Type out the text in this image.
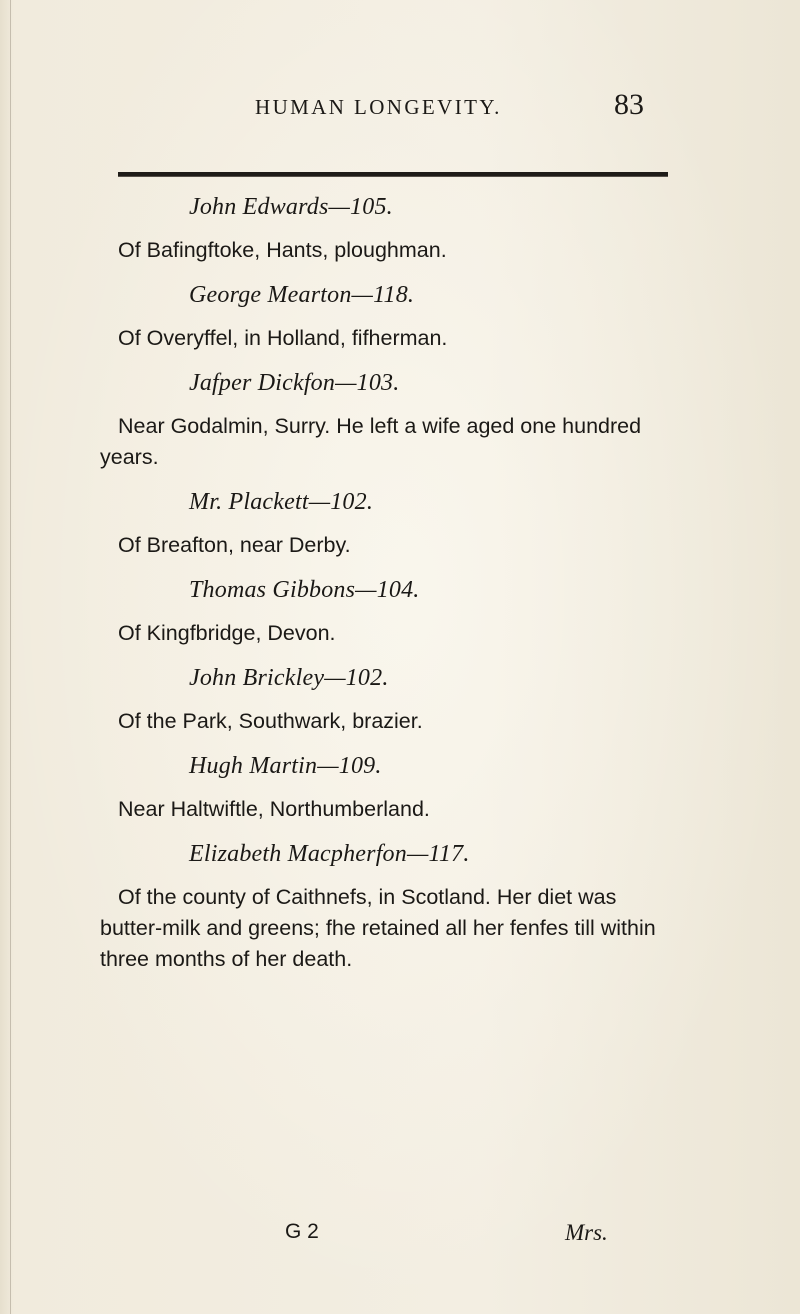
HUMAN LONGEVITY.	83
John Edwards—105.

Of Bafingftoke, Hants, ploughman.

George Mearton—118.

Of Overyffel, in Holland, fifherman.

Jafper Dickfon—103.

Near Godalmin, Surry. He left a wife aged one hundred years.

Mr. Plackett—102.

Of Breafton, near Derby.

Thomas Gibbons—104.

Of Kingfbridge, Devon.

John Brickley—102.

Of the Park, Southwark, brazier.

Hugh Martin—109.

Near Haltwiftle, Northumberland.

Elizabeth Macpherfon—117.

Of the county of Caithnefs, in Scotland. Her diet was butter-milk and greens; fhe retained all her fenfes till within three months of her death.

G 2	Mrs.
